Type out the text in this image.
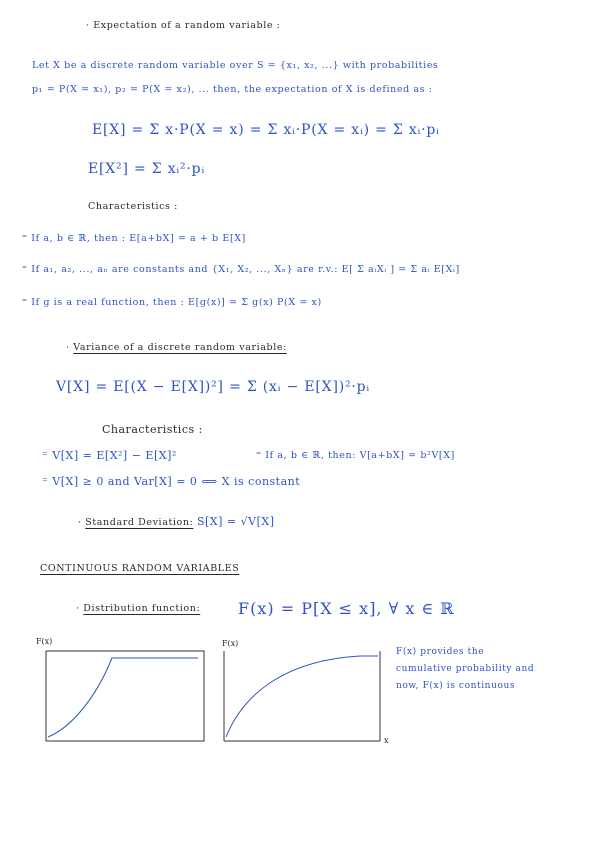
· Expectation of a random variable :
Let X be a discrete random variable over S = {x₁, x₂, ...} with probabilities
p₁ = P(X = x₁), p₂ = P(X = x₂), ... then, the expectation of X is defined as :
E[X] = Σ x·P(X = x) = Σ xᵢ·P(X = xᵢ) = Σ xᵢ·pᵢ
E[X²] = Σ xᵢ²·pᵢ
Characteristics :
⁼ If a, b ∈ ℝ, then : E[a+bX] = a + b E[X]
⁼ If a₁, a₂, ..., aₙ are constants and {X₁, X₂, ..., Xₙ} are r.v.: E[ Σ aᵢXᵢ ] = Σ aᵢ E[Xᵢ]
⁼ If g is a real function, then : E[g(x)] = Σ g(x) P(X = x)
· Variance of a discrete random variable:
V[X] = E[(X − E[X])²] = Σ (xᵢ − E[X])²·pᵢ
Characteristics :
⁼ V[X] = E[X²] − E[X]²	⁼ If a, b ∈ ℝ, then: V[a+bX] = b²V[X]
⁼ V[X] ≥ 0 and Var[X] = 0 ⟺ X is constant
· Standard Deviation: S[X] = √V[X]
CONTINUOUS RANDOM VARIABLES
· Distribution function: F(x) = P[X ≤ x], ∀ x ∈ ℝ
F(x)	F(x)
x
F(x) provides the
cumulative probability and
now, F(x) is continuous
